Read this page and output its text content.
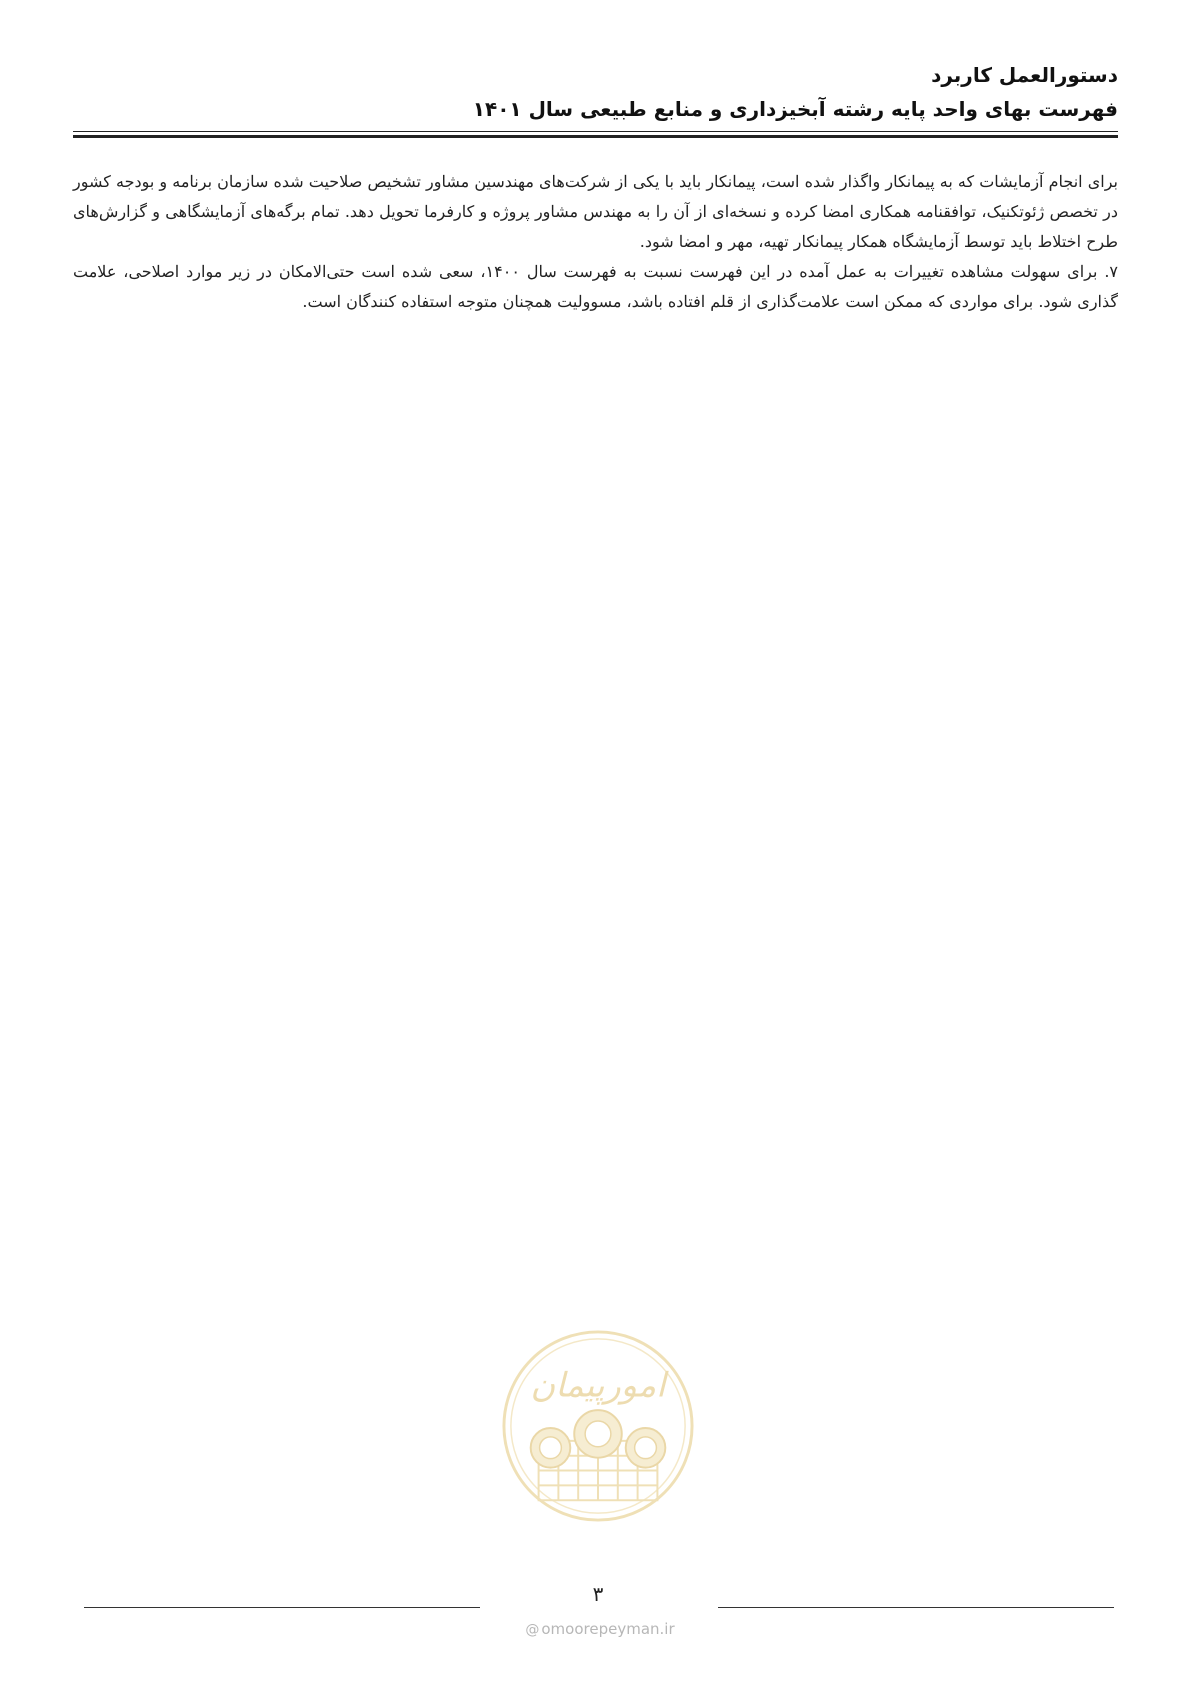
دستورالعمل کاربرد
فهرست بهای واحد پایه رشته آبخیزداری و منابع طبیعی سال ۱۴۰۱

برای انجام آزمایشات که به پیمانکار واگذار شده است، پیمانکار باید با یکی از شرکت‌های مهندسین مشاور تشخیص صلاحیت شده سازمان برنامه و بودجه کشور در تخصص ژئوتکنیک، توافقنامه همکاری امضا کرده و نسخه‌ای از آن را به مهندس مشاور پروژه و کارفرما تحویل دهد. تمام برگه‌های آزمایشگاهی و گزارش‌های طرح اختلاط باید توسط آزمایشگاه همکار پیمانکار تهیه، مهر و امضا شود.

۷. برای سهولت مشاهده تغییرات به عمل آمده در این فهرست نسبت به فهرست سال ۱۴۰۰، سعی شده است حتی‌الامکان در زیر موارد اصلاحی، علامت گذاری شود. برای مواردی که ممکن است علامت‌گذاری از قلم افتاده باشد، مسوولیت همچنان متوجه استفاده کنندگان است.

امورپیمان
۳
@ omoorepeyman.ir
